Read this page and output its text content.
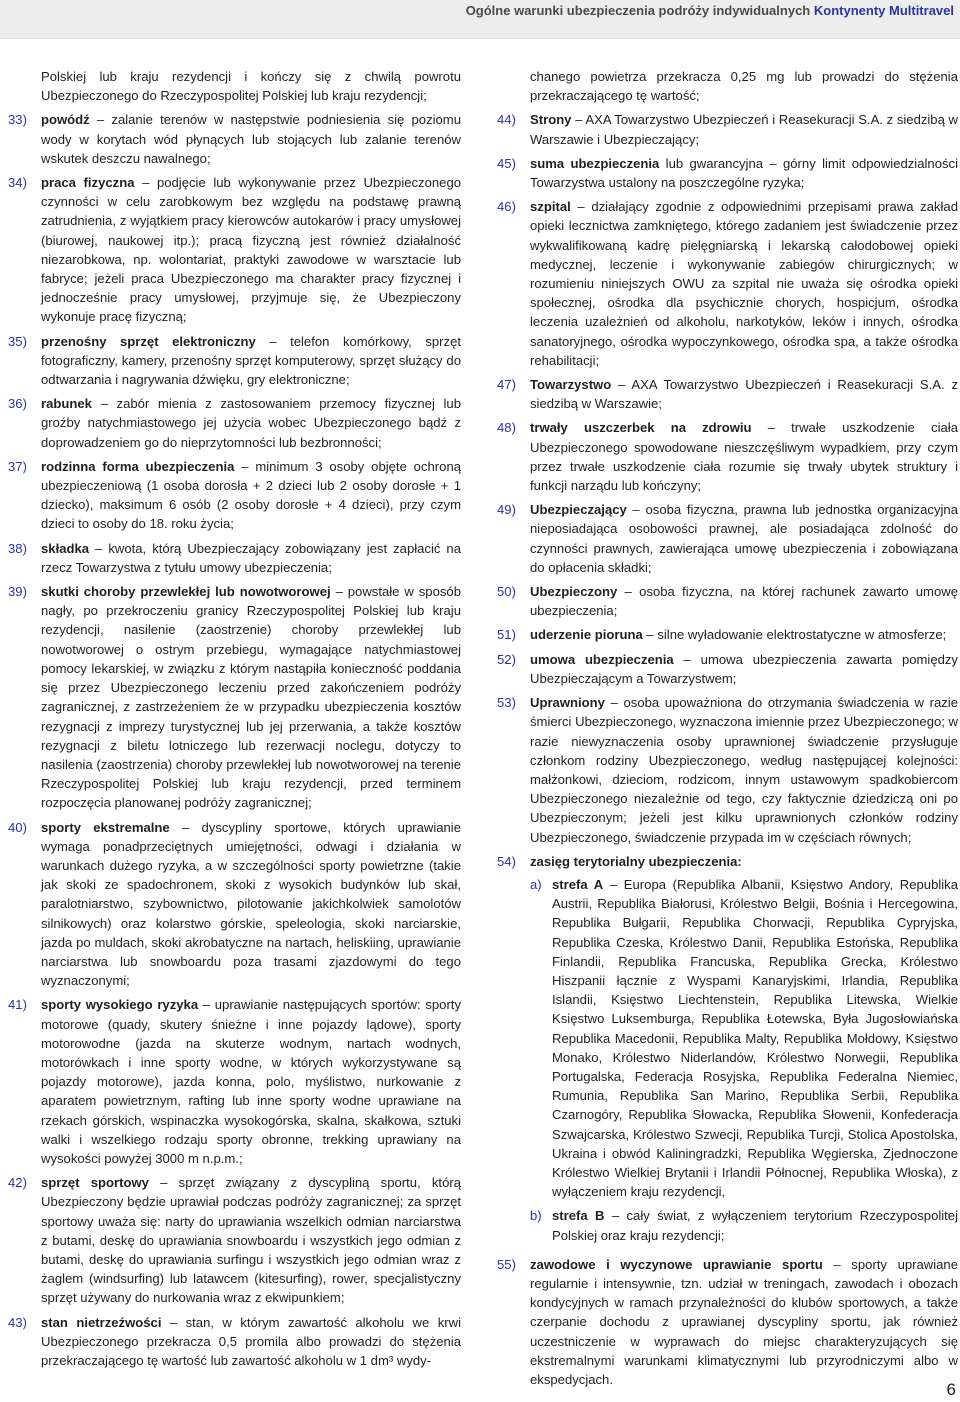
Ogólne warunki ubezpieczenia podróży indywidualnych Kontynenty Multitravel
Polskiej lub kraju rezydencji i kończy się z chwilą powrotu Ubezpieczonego do Rzeczypospolitej Polskiej lub kraju rezydencji;
33)	powódź – zalanie terenów w następstwie podniesienia się poziomu wody w korytach wód płynących lub stojących lub zalanie terenów wskutek deszczu nawalnego;
34)	praca fizyczna – podjęcie lub wykonywanie przez Ubezpieczonego czynności w celu zarobkowym bez względu na podstawę prawną zatrudnienia, z wyjątkiem pracy kierowców autokarów i pracy umysłowej (biurowej, naukowej itp.); pracą fizyczną jest również działalność niezarobkowa, np. wolontariat, praktyki zawodowe w warsztacie lub fabryce; jeżeli praca Ubezpieczonego ma charakter pracy fizycznej i jednocześnie pracy umysłowej, przyjmuje się, że Ubezpieczony wykonuje pracę fizyczną;
35)	przenośny sprzęt elektroniczny – telefon komórkowy, sprzęt fotograficzny, kamery, przenośny sprzęt komputerowy, sprzęt służący do odtwarzania i nagrywania dźwięku, gry elektroniczne;
36)	rabunek – zabór mienia z zastosowaniem przemocy fizycznej lub groźby natychmiastowego jej użycia wobec Ubezpieczonego bądź z doprowadzeniem go do nieprzytomności lub bezbronności;
37)	rodzinna forma ubezpieczenia – minimum 3 osoby objęte ochroną ubezpieczeniową (1 osoba dorosła + 2 dzieci lub 2 osoby dorosłe + 1 dziecko), maksimum 6 osób (2 osoby dorosłe + 4 dzieci), przy czym dzieci to osoby do 18. roku życia;
38)	składka – kwota, którą Ubezpieczający zobowiązany jest zapłacić na rzecz Towarzystwa z tytułu umowy ubezpieczenia;
39)	skutki choroby przewlekłej lub nowotworowej – powstałe w sposób nagły, po przekroczeniu granicy Rzeczypospolitej Polskiej lub kraju rezydencji, nasilenie (zaostrzenie) choroby przewlekłej lub nowotworowej o ostrym przebiegu, wymagające natychmiastowej pomocy lekarskiej, w związku z którym nastąpiła konieczność poddania się przez Ubezpieczonego leczeniu przed zakończeniem podróży zagranicznej, z zastrzeżeniem że w przypadku ubezpieczenia kosztów rezygnacji z imprezy turystycznej lub jej przerwania, a także kosztów rezygnacji z biletu lotniczego lub rezerwacji noclegu, dotyczy to nasilenia (zaostrzenia) choroby przewlekłej lub nowotworowej na terenie Rzeczypospolitej Polskiej lub kraju rezydencji, przed terminem rozpoczęcia planowanej podróży zagranicznej;
40)	sporty ekstremalne – dyscypliny sportowe, których uprawianie wymaga ponadprzeciętnych umiejętności, odwagi i działania w warunkach dużego ryzyka, a w szczególności sporty powietrzne (takie jak skoki ze spadochronem, skoki z wysokich budynków lub skał, paralotniarstwo, szybownictwo, pilotowanie jakichkolwiek samolotów silnikowych) oraz kolarstwo górskie, speleologia, skoki narciarskie, jazda po muldach, skoki akrobatyczne na nartach, heliskiing, uprawianie narciarstwa lub snowboardu poza trasami zjazdowymi do tego wyznaczonymi;
41)	sporty wysokiego ryzyka – uprawianie następujących sportów: sporty motorowe (quady, skutery śnieżne i inne pojazdy lądowe), sporty motorowodne (jazda na skuterze wodnym, nartach wodnych, motorówkach i inne sporty wodne, w których wykorzystywane są pojazdy motorowe), jazda konna, polo, myślistwo, nurkowanie z aparatem powietrznym, rafting lub inne sporty wodne uprawiane na rzekach górskich, wspinaczka wysokogórska, skalna, skałkowa, sztuki walki i wszelkiego rodzaju sporty obronne, trekking uprawiany na wysokości powyżej 3000 m n.p.m.;
42)	sprzęt sportowy – sprzęt związany z dyscypliną sportu, którą Ubezpieczony będzie uprawiał podczas podróży zagranicznej; za sprzęt sportowy uważa się: narty do uprawiania wszelkich odmian narciarstwa z butami, deskę do uprawiania snowboardu i wszystkich jego odmian z butami, deskę do uprawiania surfingu i wszystkich jego odmian wraz z żaglem (windsurfing) lub latawcem (kitesurfing), rower, specjalistyczny sprzęt używany do nurkowania wraz z ekwipunkiem;
43)	stan nietrzeźwości – stan, w którym zawartość alkoholu we krwi Ubezpieczonego przekracza 0,5 promila albo prowadzi do stężenia przekraczającego tę wartość lub zawartość alkoholu w 1 dm³ wydy-
chanego powietrza przekracza 0,25 mg lub prowadzi do stężenia przekraczającego tę wartość;
44)	Strony – AXA Towarzystwo Ubezpieczeń i Reasekuracji S.A. z siedzibą w Warszawie i Ubezpieczający;
45)	suma ubezpieczenia lub gwarancyjna – górny limit odpowiedzialności Towarzystwa ustalony na poszczególne ryzyka;
46)	szpital – działający zgodnie z odpowiednimi przepisami prawa zakład opieki lecznictwa zamkniętego, którego zadaniem jest świadczenie przez wykwalifikowaną kadrę pielęgniarską i lekarską całodobowej opieki medycznej, leczenie i wykonywanie zabiegów chirurgicznych; w rozumieniu niniejszych OWU za szpital nie uważa się ośrodka opieki społecznej, ośrodka dla psychicznie chorych, hospicjum, ośrodka leczenia uzależnień od alkoholu, narkotyków, leków i innych, ośrodka sanatoryjnego, ośrodka wypoczynkowego, ośrodka spa, a także ośrodka rehabilitacji;
47)	Towarzystwo – AXA Towarzystwo Ubezpieczeń i Reasekuracji S.A. z siedzibą w Warszawie;
48)	trwały uszczerbek na zdrowiu – trwałe uszkodzenie ciała Ubezpieczonego spowodowane nieszczęśliwym wypadkiem, przy czym przez trwałe uszkodzenie ciała rozumie się trwały ubytek struktury i funkcji narządu lub kończyny;
49)	Ubezpieczający – osoba fizyczna, prawna lub jednostka organizacyjna nieposiadająca osobowości prawnej, ale posiadająca zdolność do czynności prawnych, zawierająca umowę ubezpieczenia i zobowiązana do opłacenia składki;
50)	Ubezpieczony – osoba fizyczna, na której rachunek zawarto umowę ubezpieczenia;
51)	uderzenie pioruna – silne wyładowanie elektrostatyczne w atmosferze;
52)	umowa ubezpieczenia – umowa ubezpieczenia zawarta pomiędzy Ubezpieczającym a Towarzystwem;
53)	Uprawniony – osoba upoważniona do otrzymania świadczenia w razie śmierci Ubezpieczonego, wyznaczona imiennie przez Ubezpieczonego; w razie niewyznaczenia osoby uprawnionej świadczenie przysługuje członkom rodziny Ubezpieczonego, według następującej kolejności: małżonkowi, dzieciom, rodzicom, innym ustawowym spadkobiercom Ubezpieczonego niezależnie od tego, czy faktycznie dziedziczą oni po Ubezpieczonym; jeżeli jest kilku uprawnionych członków rodziny Ubezpieczonego, świadczenie przypada im w częściach równych;
54)	zasięg terytorialny ubezpieczenia:
a) strefa A – Europa (Republika Albanii, Księstwo Andory, Republika Austrii, Republika Białorusi, Królestwo Belgii, Bośnia i Hercegowina, Republika Bułgarii, Republika Chorwacji, Republika Cypryjska, Republika Czeska, Królestwo Danii, Republika Estońska, Republika Finlandii, Republika Francuska, Republika Grecka, Królestwo Hiszpanii łącznie z Wyspami Kanaryjskimi, Irlandia, Republika Islandii, Księstwo Liechtenstein, Republika Litewska, Wielkie Księstwo Luksemburga, Republika Łotewska, Była Jugosłowiańska Republika Macedonii, Republika Malty, Republika Mołdowy, Księstwo Monako, Królestwo Niderlandów, Królestwo Norwegii, Republika Portugalska, Federacja Rosyjska, Republika Federalna Niemiec, Rumunia, Republika San Marino, Republika Serbii, Republika Czarnogóry, Republika Słowacka, Republika Słowenii, Konfederacja Szwajcarska, Królestwo Szwecji, Republika Turcji, Stolica Apostolska, Ukraina i obwód Kaliningradzki, Republika Węgierska, Zjednoczone Królestwo Wielkiej Brytanii i Irlandii Północnej, Republika Włoska), z wyłączeniem kraju rezydencji,
b) strefa B – cały świat, z wyłączeniem terytorium Rzeczypospolitej Polskiej oraz kraju rezydencji;
55)	zawodowe i wyczynowe uprawianie sportu – sporty uprawiane regularnie i intensywnie, tzn. udział w treningach, zawodach i obozach kondycyjnych w ramach przynależności do klubów sportowych, a także czerpanie dochodu z uprawianej dyscypliny sportu, jak również uczestniczenie w wyprawach do miejsc charakteryzujących się ekstremalnymi warunkami klimatycznymi lub przyrodniczymi albo w ekspedycjach.
6
